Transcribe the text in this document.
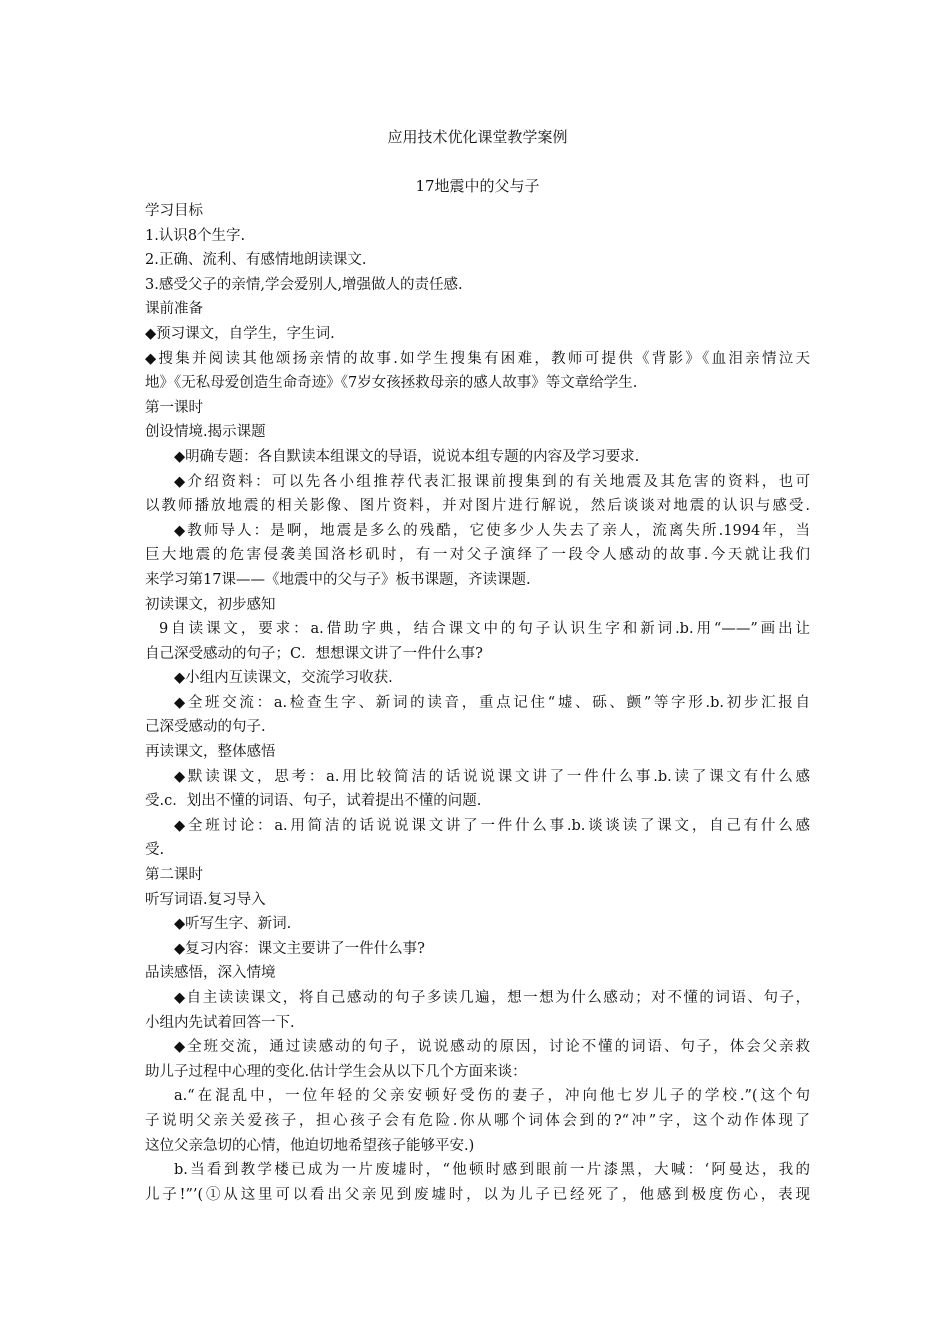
应用技术优化课堂教学案例
17地震中的父与子
学习目标
1.认识8个生字.
2.正确、流利、有感情地朗读课文.
3.感受父子的亲情,学会爱别人,增强做人的责任感.
课前准备
◆预习课文，自学生，字生词.
◆搜集并阅读其他颂扬亲情的故事.如学生搜集有困难，教师可提供《背影》《血泪亲情泣天
地》《无私母爱创造生命奇迹》《7岁女孩拯救母亲的感人故事》等文章给学生.
第一课时
创设情境.揭示课题
◆明确专题：各自默读本组课文的导语，说说本组专题的内容及学习要求.
◆介绍资料：可以先各小组推荐代表汇报课前搜集到的有关地震及其危害的资料，也可
以教师播放地震的相关影像、图片资料，并对图片进行解说，然后谈谈对地震的认识与感受.
◆教师导人：是啊，地震是多么的残酷，它使多少人失去了亲人，流离失所.1994年，当
巨大地震的危害侵袭美国洛杉矶时，有一对父子演绎了一段令人感动的故事.今天就让我们
来学习第17课——《地震中的父与子》板书课题，齐读课题.
初读课文，初步感知
9自读课文，要求：a.借助字典，结合课文中的句子认识生字和新词.b.用“——”画出让
自己深受感动的句子；C．想想课文讲了一件什么事?
◆小组内互读课文，交流学习收获.
◆全班交流：a.检查生字、新词的读音，重点记住“墟、砾、颤”等字形.b.初步汇报自
己深受感动的句子.
再读课文，整体感悟
◆默读课文，思考：a.用比较简洁的话说说课文讲了一件什么事.b.读了课文有什么感
受.c．划出不懂的词语、句子，试着提出不懂的问题.
◆全班讨论：a.用简洁的话说说课文讲了一件什么事.b.谈谈读了课文，自己有什么感
受.
第二课时
听写词语.复习导入
◆听写生字、新词.
◆复习内容：课文主要讲了一件什么事?
品读感悟，深入情境
◆自主读读课文，将自己感动的句子多读几遍，想一想为什么感动；对不懂的词语、句子，
小组内先试着回答一下.
◆全班交流，通过读感动的句子，说说感动的原因，讨论不懂的词语、句子，体会父亲救
助儿子过程中心理的变化.估计学生会从以下几个方面来谈：
a.“在混乱中，一位年轻的父亲安顿好受伤的妻子，冲向他七岁儿子的学校.”(这个句
子说明父亲关爱孩子，担心孩子会有危险.你从哪个词体会到的?“冲”字，这个动作体现了
这位父亲急切的心情，他迫切地希望孩子能够平安.)
b.当看到教学楼已成为一片废墟时，“他顿时感到眼前一片漆黑，大喊：‘阿曼达，我的
儿子!”’(①从这里可以看出父亲见到废墟时，以为儿子已经死了，他感到极度伤心，表现
